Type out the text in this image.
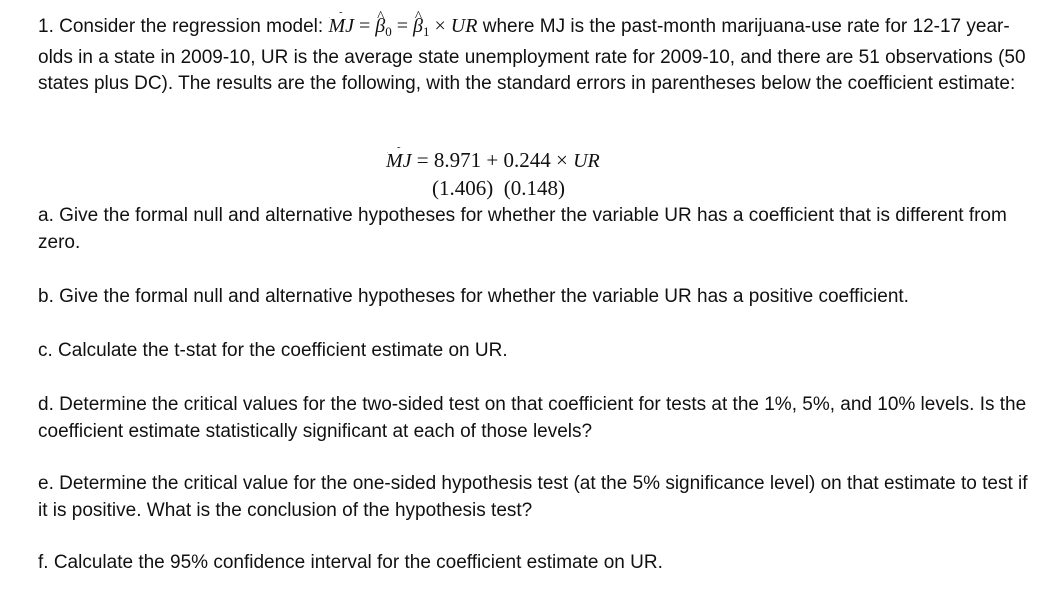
1. Consider the regression model: MJ = ^ $\beta_0$ = ^ $\beta_1$ × UR where MJ is the past-month marijuana-use rate for 12-17 year-olds in a state in 2009-10, UR is the average state unemployment rate for 2009-10, and there are 51 observations (50 states plus DC). The results are the following, with the standard errors in parentheses below the coefficient estimate:

MJ = 8.971 + 0.244 × UR
(1.406)  (0.148)

a. Give the formal null and alternative hypotheses for whether the variable UR has a coefficient that is different from zero.

b. Give the formal null and alternative hypotheses for whether the variable UR has a positive coefficient.

c. Calculate the t-stat for the coefficient estimate on UR.

d. Determine the critical values for the two-sided test on that coefficient for tests at the 1%, 5%, and 10% levels. Is the coefficient estimate statistically significant at each of those levels?

e. Determine the critical value for the one-sided hypothesis test (at the 5% significance level) on that estimate to test if it is positive. What is the conclusion of the hypothesis test?

f. Calculate the 95% confidence interval for the coefficient estimate on UR.
